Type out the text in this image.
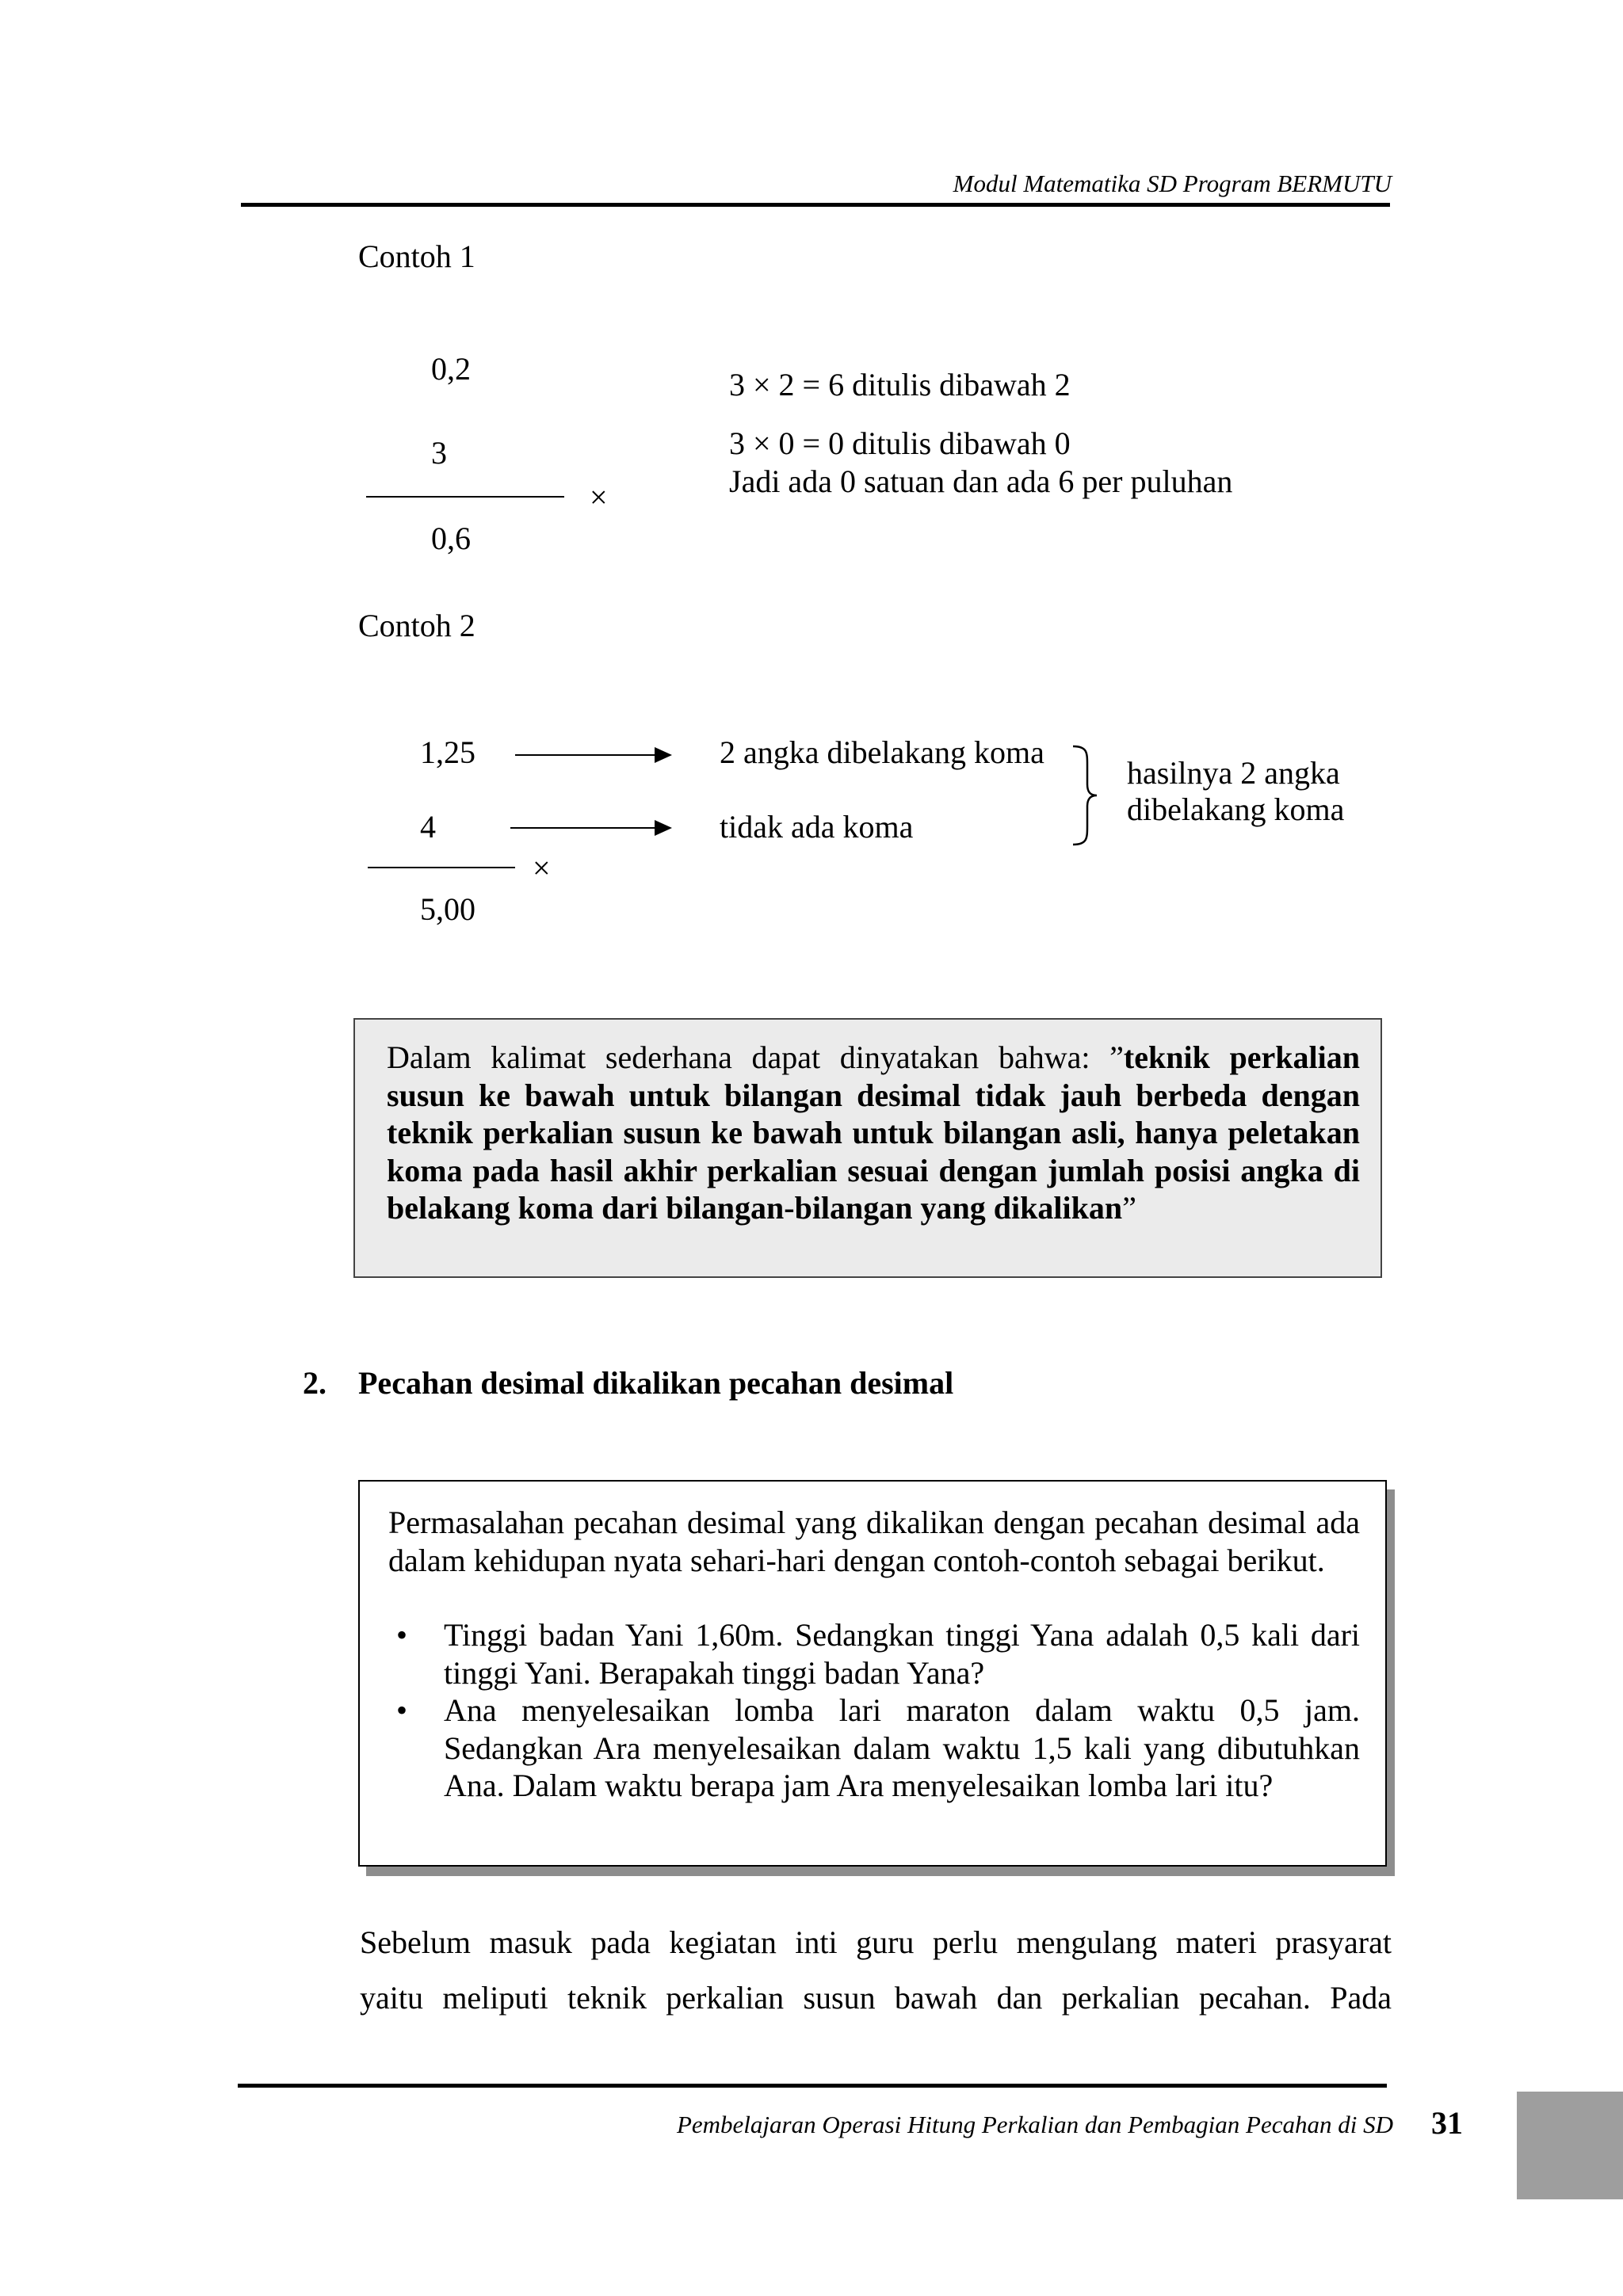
Modul Matematika SD Program BERMUTU
Contoh 1
0,2
3
×
0,6
3 × 2 = 6 ditulis dibawah 2
3 × 0 = 0 ditulis dibawah 0
Jadi ada 0 satuan dan ada 6 per puluhan
Contoh 2
1,25	2 angka dibelakang koma
4	tidak ada koma
hasilnya 2 angka
dibelakang koma
×
5,00
Dalam kalimat sederhana dapat dinyatakan bahwa: ”teknik perkalian susun ke bawah untuk bilangan desimal tidak jauh berbeda dengan teknik perkalian susun ke bawah untuk bilangan asli, hanya peletakan koma pada hasil akhir perkalian sesuai dengan jumlah posisi angka di belakang koma dari bilangan-bilangan yang dikalikan”
2. Pecahan desimal dikalikan pecahan desimal
Permasalahan pecahan desimal yang dikalikan dengan pecahan desimal ada dalam kehidupan nyata sehari-hari dengan contoh-contoh sebagai berikut.
• Tinggi badan Yani 1,60m. Sedangkan tinggi Yana adalah 0,5 kali dari tinggi Yani. Berapakah tinggi badan Yana?
• Ana menyelesaikan lomba lari maraton dalam waktu 0,5 jam. Sedangkan Ara menyelesaikan dalam waktu 1,5 kali yang dibutuhkan Ana. Dalam waktu berapa jam Ara menyelesaikan lomba lari itu?
Sebelum masuk pada kegiatan inti guru perlu mengulang materi prasyarat
yaitu meliputi teknik perkalian susun bawah dan perkalian pecahan. Pada
Pembelajaran Operasi Hitung Perkalian dan Pembagian Pecahan di SD 31
